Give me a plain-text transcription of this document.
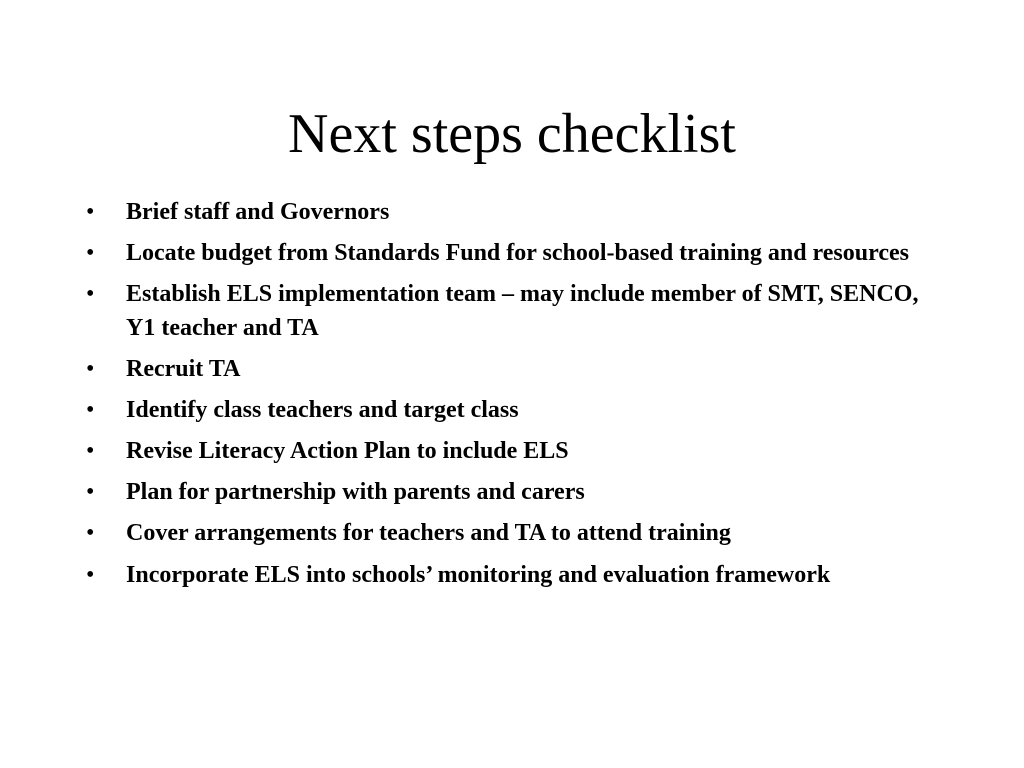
Next steps checklist
• Brief staff and Governors
• Locate budget from Standards Fund for school-based training and resources
• Establish ELS implementation team – may include member of SMT, SENCO, Y1 teacher and TA
• Recruit TA
• Identify class teachers and target class
• Revise Literacy Action Plan to include ELS
• Plan for partnership with parents and carers
• Cover arrangements for teachers and TA to attend training
• Incorporate ELS into schools’ monitoring and evaluation framework
